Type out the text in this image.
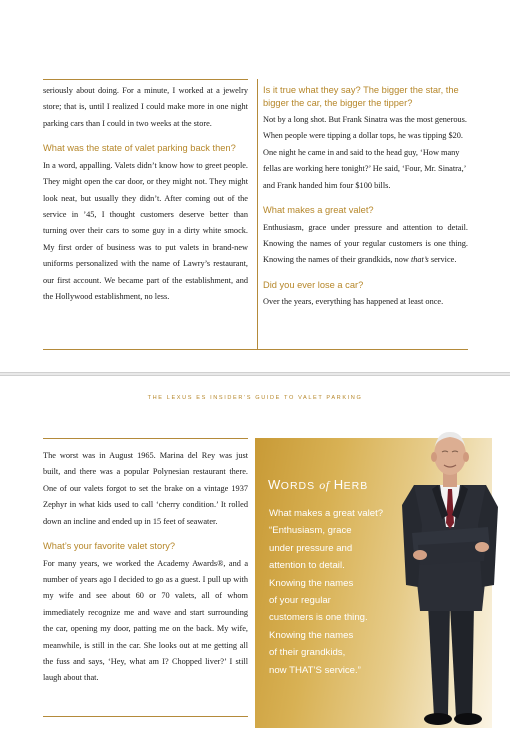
seriously about doing. For a minute, I worked at a jewelry store; that is, until I realized I could make more in one night parking cars than I could in two weeks at the store.

What was the state of valet parking back then?

In a word, appalling. Valets didn’t know how to greet people. They might open the car door, or they might not. They might look neat, but usually they didn’t. After coming out of the service in ’45, I thought customers deserve better than turning over their cars to some guy in a dirty white smock. My first order of business was to put valets in brand-new uniforms personalized with the name of Lawry’s restaurant, our first account. We became part of the establishment, and the Hollywood establishment, no less.

Is it true what they say? The bigger the star, the bigger the car, the bigger the tipper?

Not by a long shot. But Frank Sinatra was the most generous. When people were tipping a dollar tops, he was tipping $20. One night he came in and said to the head guy, ‘How many fellas are working here tonight?’ He said, ‘Four, Mr. Sinatra,’ and Frank handed him four $100 bills.

What makes a great valet?

Enthusiasm, grace under pressure and attention to detail. Knowing the names of your regular customers is one thing. Knowing the names of their grandkids, now that’s service.

Did you ever lose a car?

Over the years, everything has happened at least once.

THE LEXUS ES INSIDER’S GUIDE TO VALET PARKING

The worst was in August 1965. Marina del Rey was just built, and there was a popular Polynesian restaurant there. One of our valets forgot to set the brake on a vintage 1937 Zephyr in what kids used to call ‘cherry condition.’ It rolled down an incline and ended up in 15 feet of seawater.

What’s your favorite valet story?

For many years, we worked the Academy Awards®, and a number of years ago I decided to go as a guest. I pull up with my wife and see about 60 or 70 valets, all of whom immediately recognize me and wave and start surrounding the car, opening my door, patting me on the back. My wife, meanwhile, is still in the car. She looks out at me getting all the fuss and says, ‘Hey, what am I? Chopped liver?’ I still laugh about that.

WORDS of HERB
What makes a great valet?
“Enthusiasm, grace
under pressure and
attention to detail.
Knowing the names
of your regular
customers is one thing.
Knowing the names
of their grandkids,
now THAT’S service.”
